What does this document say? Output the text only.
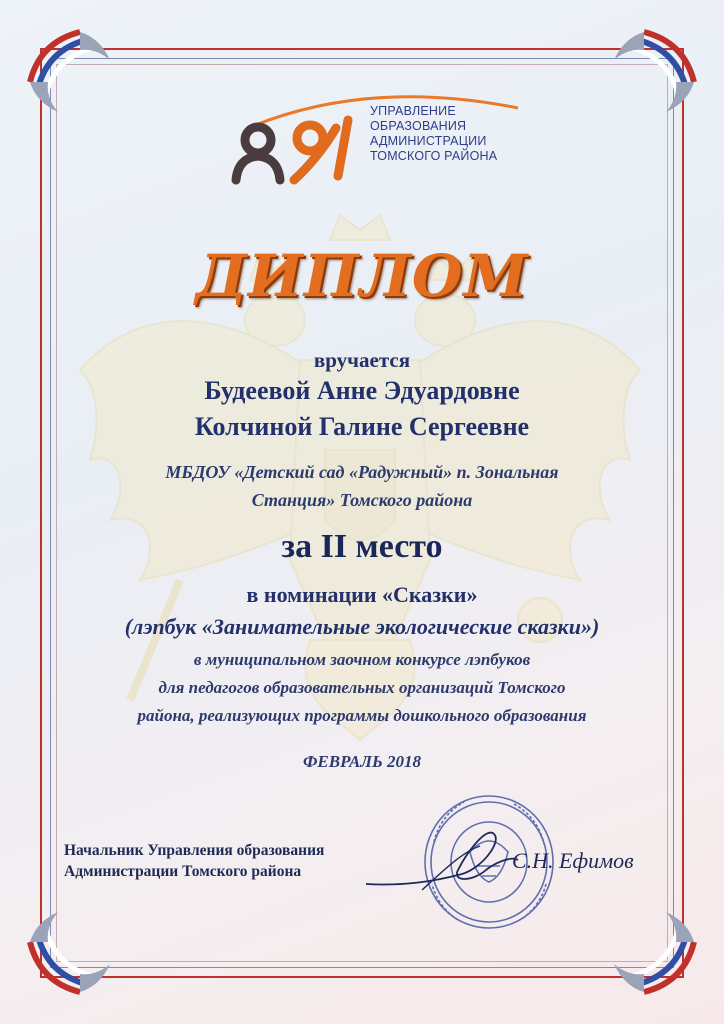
УПРАВЛЕНИЕ
ОБРАЗОВАНИЯ
АДМИНИСТРАЦИИ
ТОМСКОГО РАЙОНА
ДИПЛОМ
вручается
Будеевой Анне Эдуардовне
Колчиной Галине Сергеевне
МБДОУ «Детский сад «Радужный» п. Зональная
Станция» Томского района
за II место
в номинации «Сказки»
(лэпбук «Занимательные экологические сказки»)
в муниципальном заочном конкурсе лэпбуков
для педагогов образовательных организаций Томского
района, реализующих программы дошкольного образования
ФЕВРАЛЬ 2018
Начальник Управления образования
Администрации Томского района	С.Н. Ефимов
